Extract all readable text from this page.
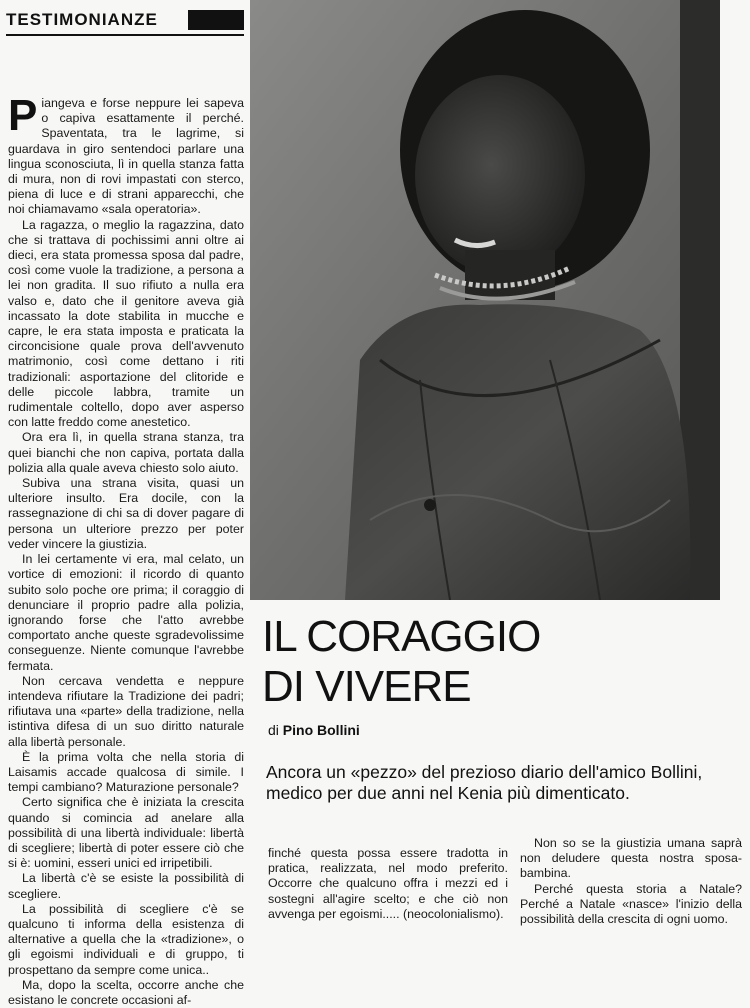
TESTIMONIANZE
P iangeva e forse neppure lei sapeva o capiva esattamente il perché. Spaventata, tra le lagrime, si guardava in giro sentendoci parlare una lingua sconosciuta, lì in quella stanza fatta di mura, non di rovi impastati con sterco, piena di luce e di strani apparecchi, che noi chiamavamo «sala operatoria».

La ragazza, o meglio la ragazzina, dato che si trattava di pochissimi anni oltre ai dieci, era stata promessa sposa dal padre, così come vuole la tradizione, a persona a lei non gradita. Il suo rifiuto a nulla era valso e, dato che il genitore aveva già incassato la dote stabilita in mucche e capre, le era stata imposta e praticata la circoncisione quale prova dell'avvenuto matrimonio, così come dettano i riti tradizionali: asportazione del clitoride e delle piccole labbra, tramite un rudimentale coltello, dopo aver asperso con latte freddo come anestetico.

Ora era lì, in quella strana stanza, tra quei bianchi che non capiva, portata dalla polizia alla quale aveva chiesto solo aiuto.

Subiva una strana visita, quasi un ulteriore insulto. Era docile, con la rassegnazione di chi sa di dover pagare di persona un ulteriore prezzo per poter veder vincere la giustizia.

In lei certamente vi era, mal celato, un vortice di emozioni: il ricordo di quanto subito solo poche ore prima; il coraggio di denunciare il proprio padre alla polizia, ignorando forse che l'atto avrebbe comportato anche queste sgradevolissime conseguenze. Niente comunque l'avrebbe fermata.

Non cercava vendetta e neppure intendeva rifiutare la Tradizione dei padri; rifiutava una «parte» della tradizione, nella istintiva difesa di un suo diritto naturale alla libertà personale.

È la prima volta che nella storia di Laisamis accade qualcosa di simile. I tempi cambiano? Maturazione personale?

Certo significa che è iniziata la crescita quando si comincia ad anelare alla possibilità di una libertà individuale: libertà di scegliere; libertà di poter essere ciò che si è: uomini, esseri unici ed irripetibili.

La libertà c'è se esiste la possibilità di scegliere.

La possibilità di scegliere c'è se qualcuno ti informa della esistenza di alternative a quella che la «tradizione», o gli egoismi individuali e di gruppo, ti prospettano da sempre come unica..

Ma, dopo la scelta, occorre anche che esistano le concrete occasioni af-

IL CORAGGIO
DI VIVERE
di Pino Bollini
Ancora un «pezzo» del prezioso diario dell'amico Bollini, medico per due anni nel Kenia più dimenticato.

finché questa possa essere tradotta in pratica, realizzata, nel modo preferito. Occorre che qualcuno offra i mezzi ed i sostegni all'agire scelto; e che ciò non avvenga per egoismi..... (neocolonialismo).

Non so se la giustizia umana saprà non deludere questa nostra sposa-bambina.

Perché questa storia a Natale? Perché a Natale «nasce» l'inizio della possibilità della crescita di ogni uomo.
